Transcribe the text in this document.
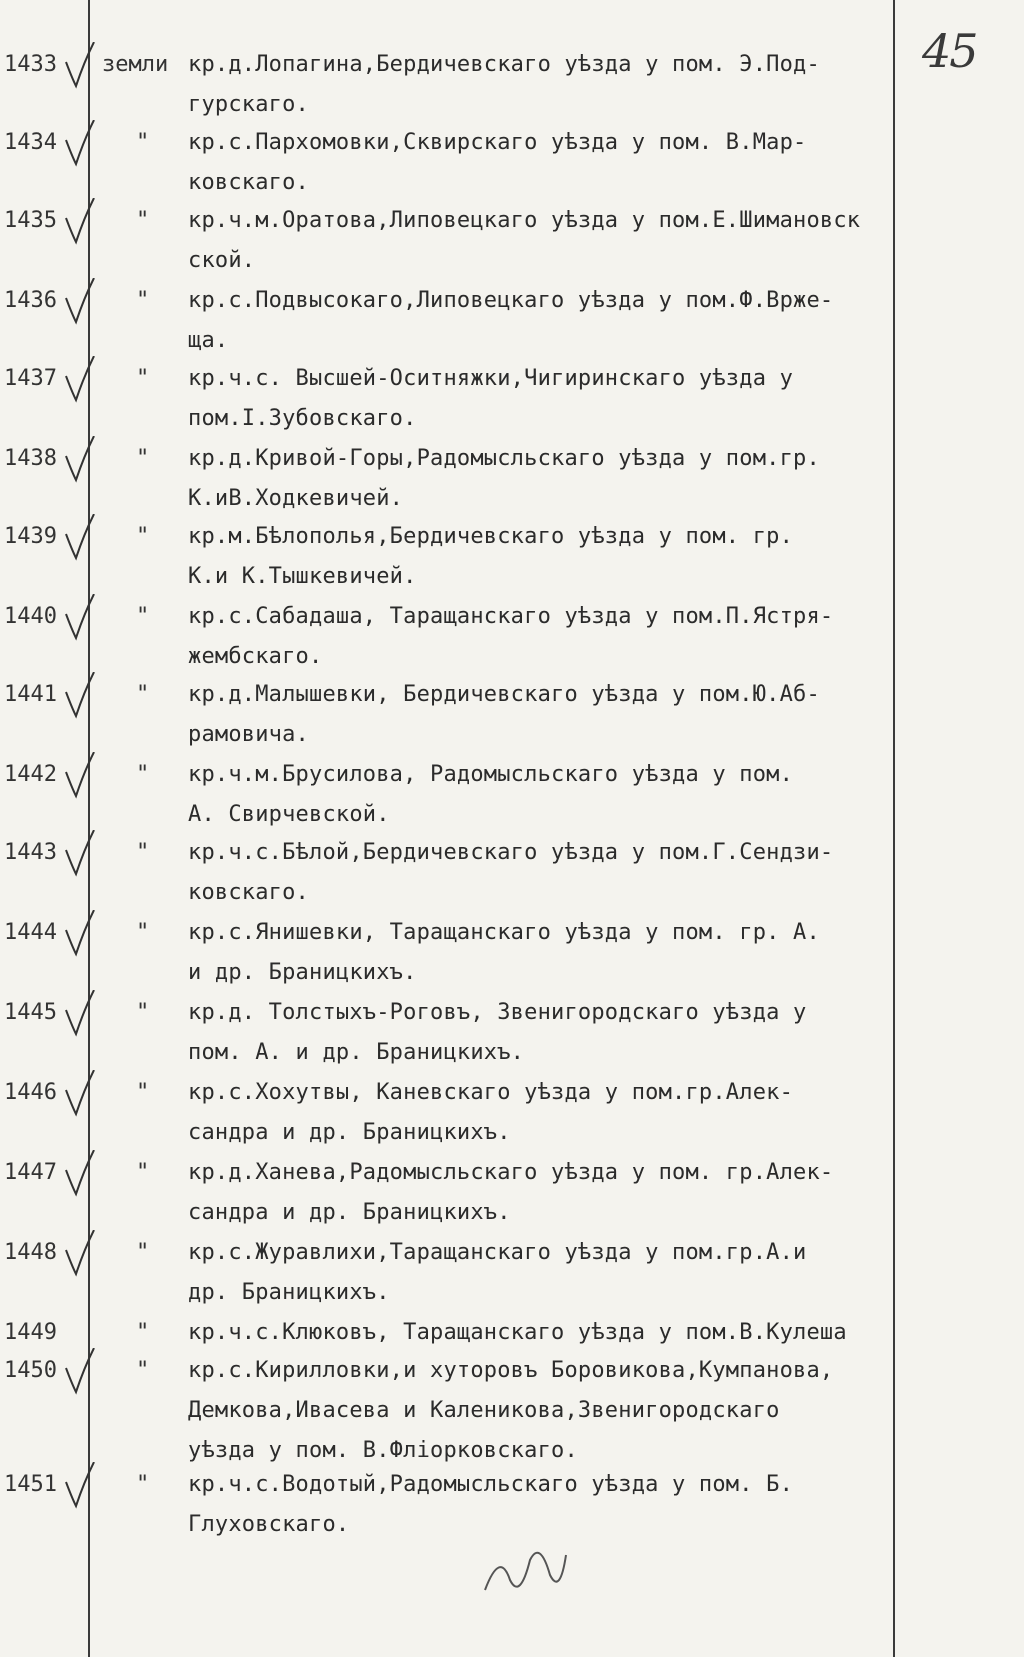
45
1433	земли кр.д.Лопагина,Бердичевскаго уѣзда у пом. Э.Под-
гурскаго.
1434	" кр.с.Пархомовки,Сквирскаго уѣзда у пом. В.Мар-
ковскаго.
1435	" кр.ч.м.Оратова,Липовецкаго уѣзда у пом.Е.Шимановск
ской.
1436	" кр.с.Подвысокаго,Липовецкаго уѣзда у пом.Ф.Вржe-
щa.
1437	" кр.ч.с. Высшей-Оситняжки,Чигиринскаго уѣзда у
пом.I.Зубовскаго.
1438	" кр.д.Кривой-Горы,Радомысльскаго уѣзда у пом.гр.
К.иВ.Ходкевичей.
1439	" кр.м.Бѣлополья,Бердичевскаго уѣзда у пом. гр.
К.и К.Тышкевичей.
1440	" кр.с.Сабадаша, Таращанскаго уѣзда у пом.П.Ястря-
жембскаго.
1441	" кр.д.Малышевки, Бердичевскаго уѣзда у пом.Ю.Аб-
рамовича.
1442	" кр.ч.м.Брусилова, Радомысльскаго уѣзда у пом.
А. Свирчевской.
1443	" кр.ч.с.Бѣлой,Бердичевскаго уѣзда у пом.Г.Сендзи-
ковскаго.
1444	" кр.с.Янишевки, Таращанскаго уѣзда у пом. гр. А.
и др. Браницкихъ.
1445	" кр.д. Толстыхъ-Роговъ, Звенигородскаго уѣзда у
пом. А. и др. Браницкихъ.
1446	" кр.с.Хохутвы, Каневскаго уѣзда у пом.гр.Алек-
сандра и др. Браницкихъ.
1447	" кр.д.Ханева,Радомысльскаго уѣзда у пом. гр.Алек-
сандра и др. Браницкихъ.
1448	" кр.с.Журавлихи,Таращанскаго уѣзда у пом.гр.А.и
др. Браницкихъ.
1449	" кр.ч.с.Клюковъ, Таращанскаго уѣзда у пом.В.Кулеша
1450	" кр.с.Кирилловки,и хуторовъ Боровикова,Кумпанова,
Демкова,Ивасева и Каленикова,Звенигородскаго
уѣзда у пом. В.Фліорковскаго.
1451	" кр.ч.с.Водотый,Радомысльскаго уѣзда у пом. Б.
Глуховскаго.
